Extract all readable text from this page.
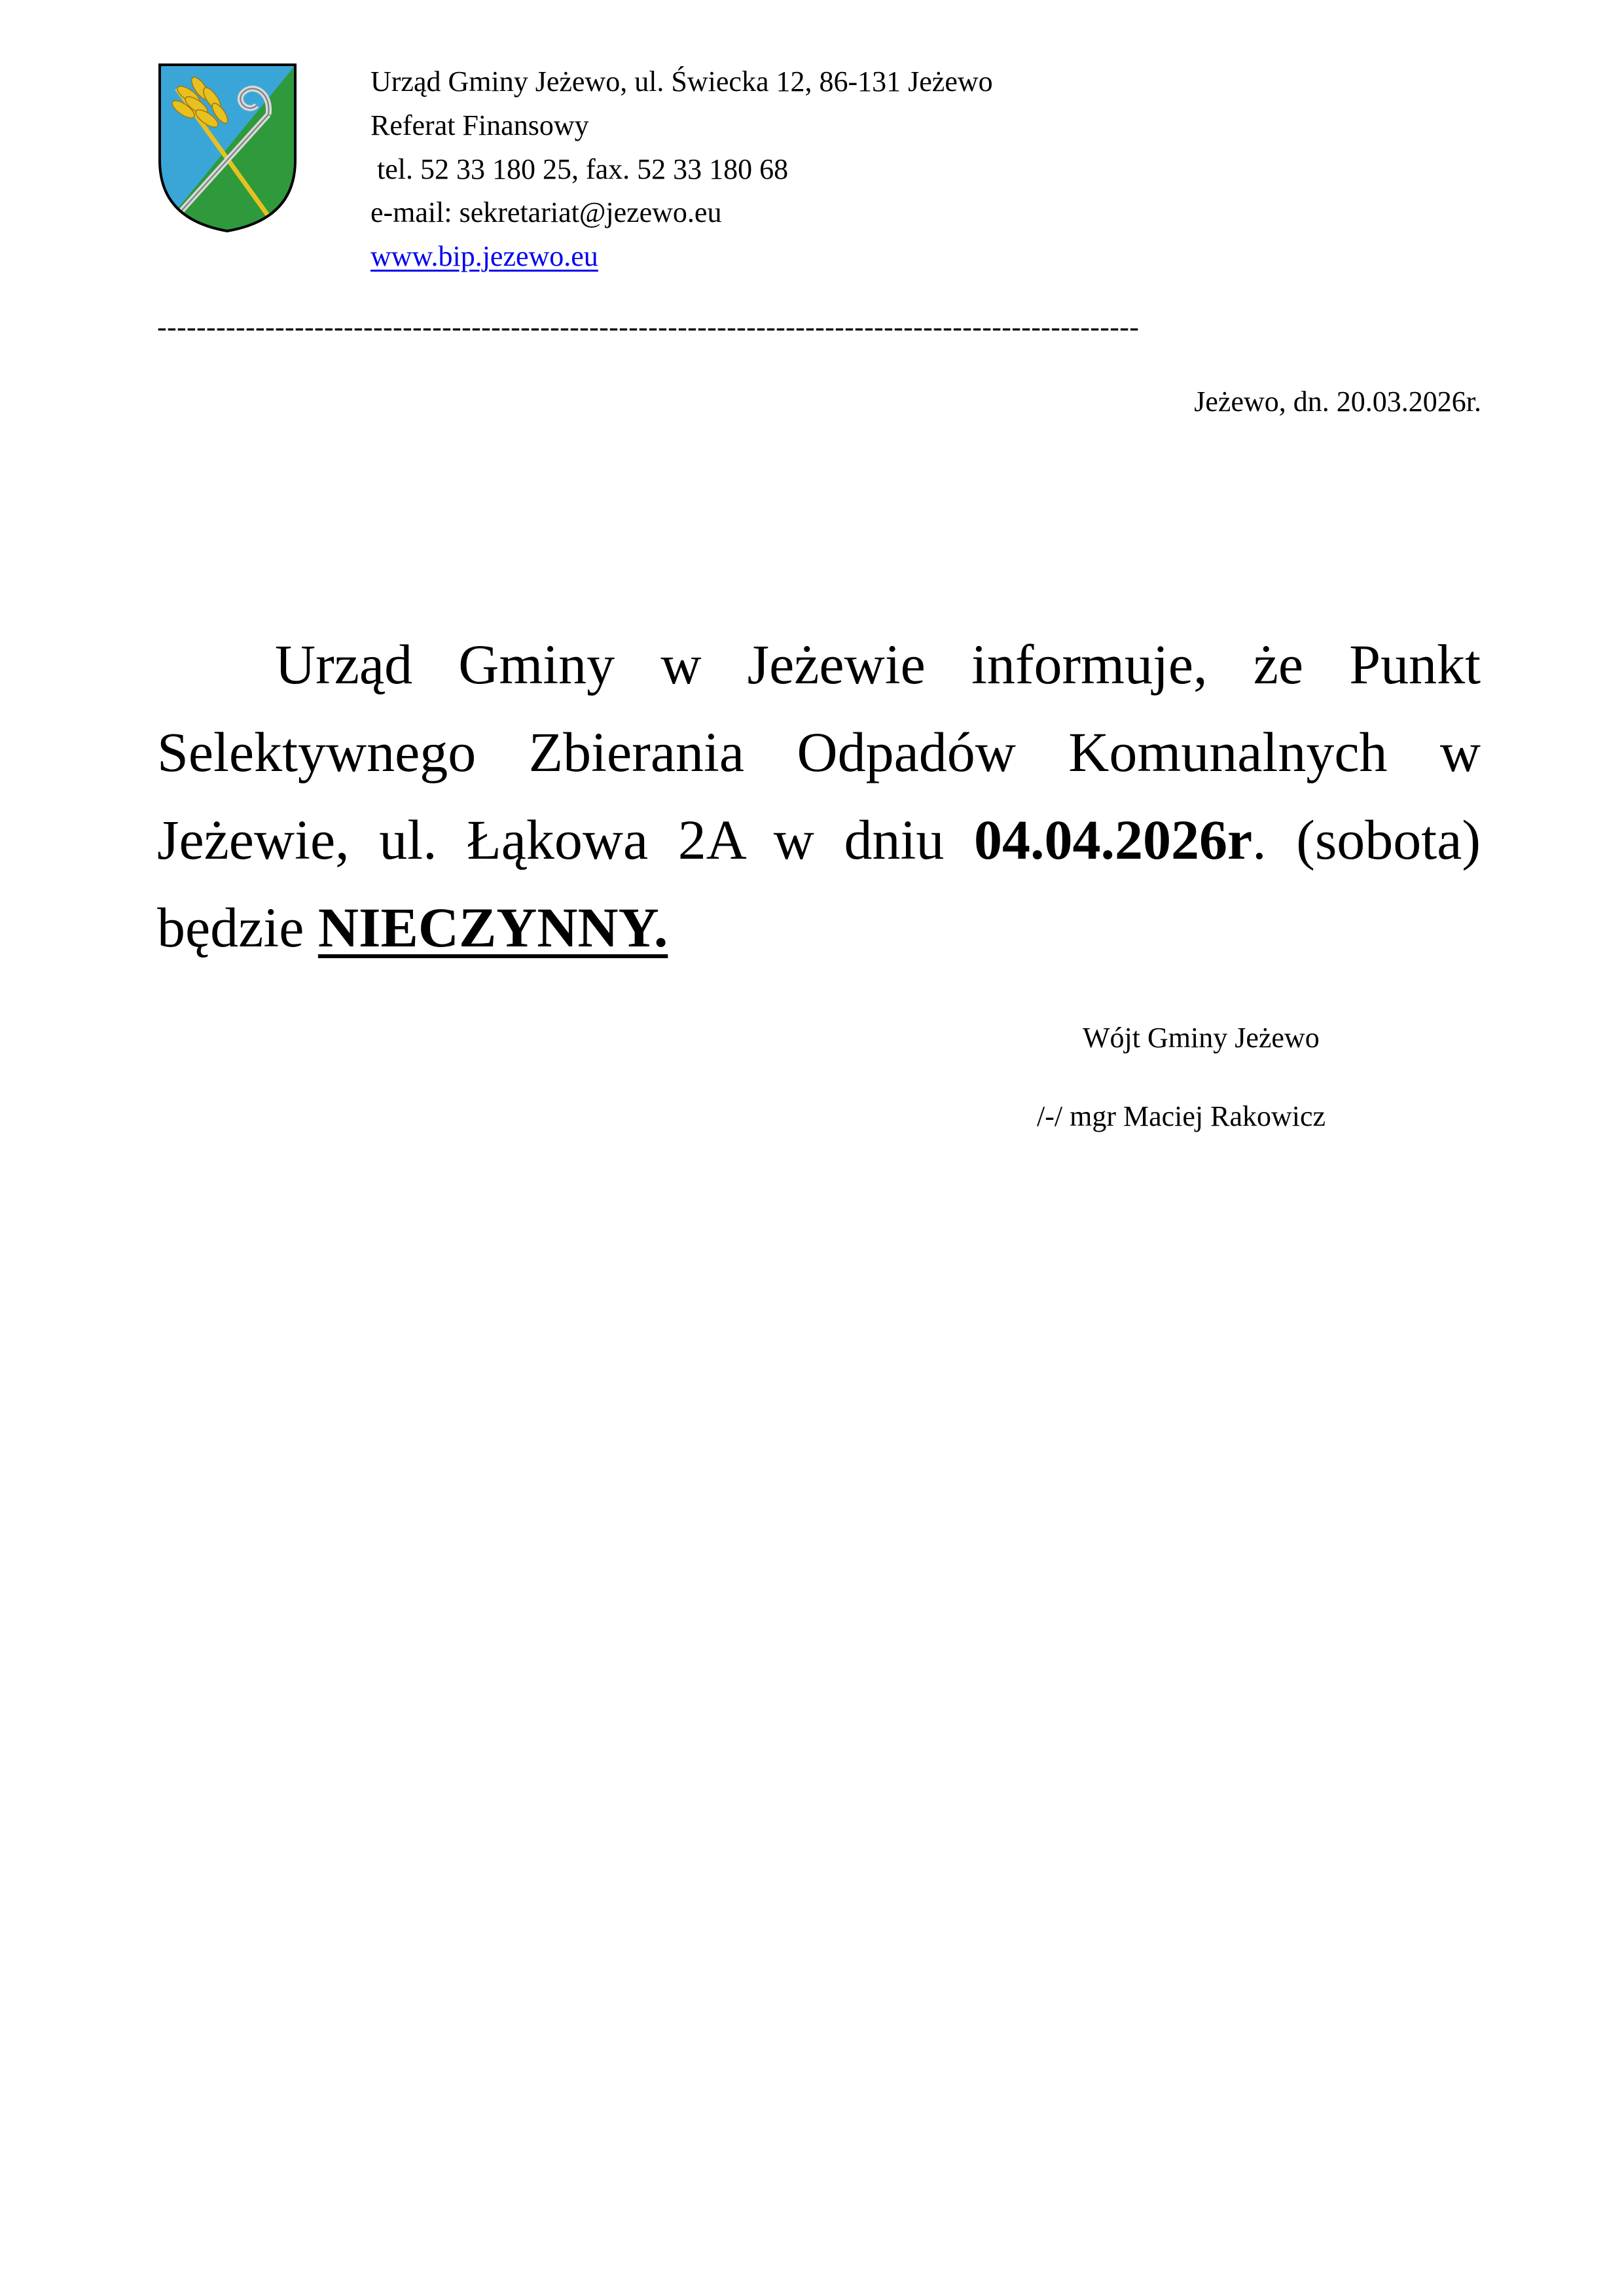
Urząd Gminy Jeżewo, ul. Świecka 12, 86-131 Jeżewo
Referat Finansowy
tel. 52 33 180 25, fax. 52 33 180 68
e-mail: sekretariat@jezewo.eu
www.bip.jezewo.eu
----------------------------------------------------------------------------------------------------
Jeżewo, dn. 20.03.2026r.
Urząd Gminy w Jeżewie informuje, że Punkt Selektywnego Zbierania Odpadów Komunalnych w Jeżewie, ul. Łąkowa 2A w dniu 04.04.2026r. (sobota) będzie NIECZYNNY.
Wójt Gminy Jeżewo
/-/ mgr Maciej Rakowicz
